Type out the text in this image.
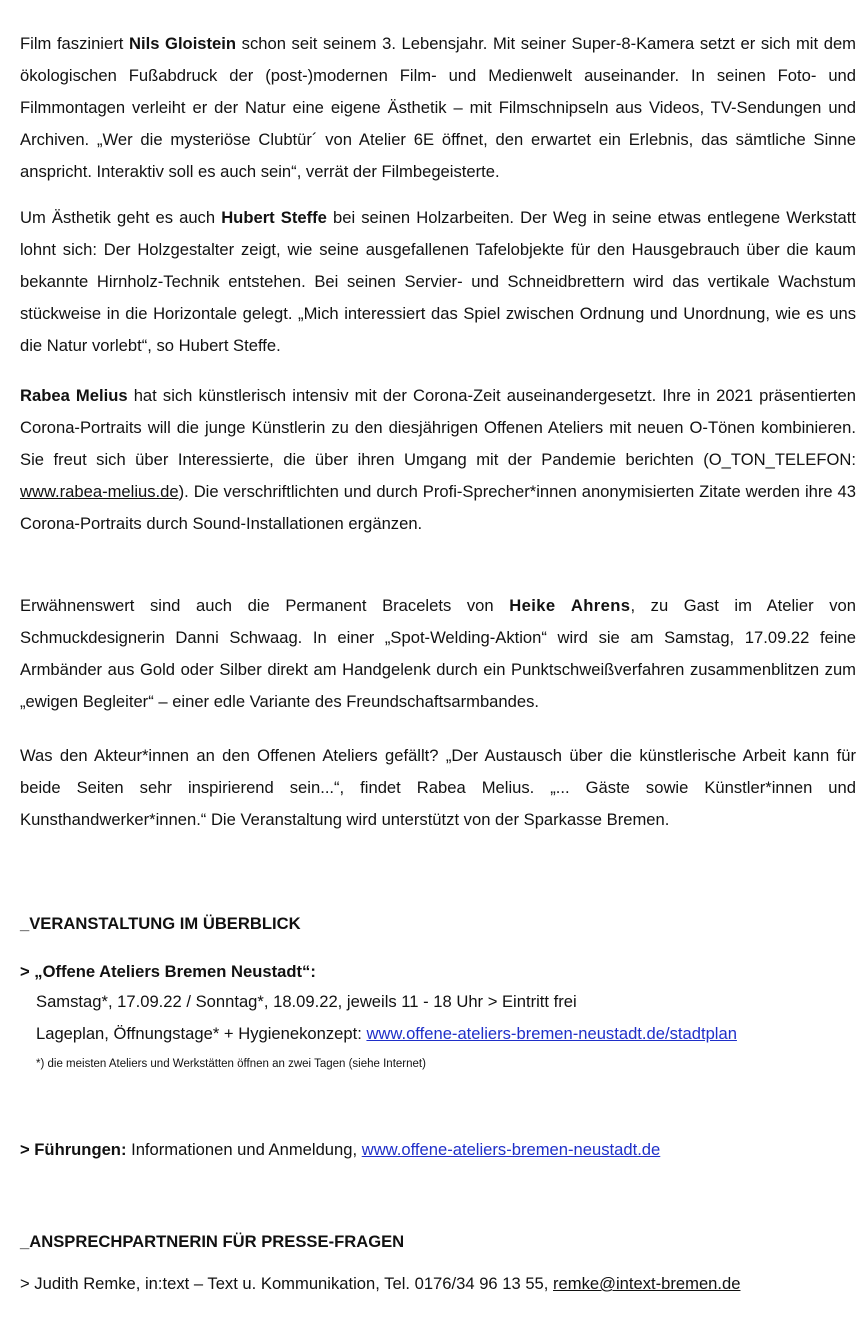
Film fasziniert Nils Gloistein schon seit seinem 3. Lebensjahr. Mit seiner Super-8-Kamera setzt er sich mit dem ökologischen Fußabdruck der (post-)modernen Film- und Medienwelt auseinander. In seinen Foto- und Filmmontagen verleiht er der Natur eine eigene Ästhetik – mit Filmschnipseln aus Videos, TV-Sendungen und Archiven. „Wer die mysteriöse Clubtür´ von Atelier 6E öffnet, den erwartet ein Erlebnis, das sämtliche Sinne anspricht. Interaktiv soll es auch sein“, verrät der Filmbegeisterte.

Um Ästhetik geht es auch Hubert Steffe bei seinen Holzarbeiten. Der Weg in seine etwas entlegene Werkstatt lohnt sich: Der Holzgestalter zeigt, wie seine ausgefallenen Tafelobjekte für den Hausgebrauch über die kaum bekannte Hirnholz-Technik entstehen. Bei seinen Servier- und Schneidbrettern wird das vertikale Wachstum stückweise in die Horizontale gelegt. „Mich interessiert das Spiel zwischen Ordnung und Unordnung, wie es uns die Natur vorlebt“, so Hubert Steffe.

Rabea Melius hat sich künstlerisch intensiv mit der Corona-Zeit auseinandergesetzt. Ihre in 2021 präsentierten Corona-Portraits will die junge Künstlerin zu den diesjährigen Offenen Ateliers mit neuen O-Tönen kombinieren. Sie freut sich über Interessierte, die über ihren Umgang mit der Pandemie berichten (O_TON_TELEFON: www.rabea-melius.de). Die verschriftlichten und durch Profi-Sprecher*innen anonymisierten Zitate werden ihre 43 Corona-Portraits durch Sound-Installationen ergänzen.

Erwähnenswert sind auch die Permanent Bracelets von Heike Ahrens, zu Gast im Atelier von Schmuckdesignerin Danni Schwaag. In einer „Spot-Welding-Aktion“ wird sie am Samstag, 17.09.22 feine Armbänder aus Gold oder Silber direkt am Handgelenk durch ein Punktschweißverfahren zusammenblitzen zum „ewigen Begleiter“ – einer edle Variante des Freundschaftsarmbandes.

Was den Akteur*innen an den Offenen Ateliers gefällt? „Der Austausch über die künstlerische Arbeit kann für beide Seiten sehr inspirierend sein...“, findet Rabea Melius. „... Gäste sowie Künstler*innen und Kunsthandwerker*innen.“ Die Veranstaltung wird unterstützt von der Sparkasse Bremen.

_VERANSTALTUNG IM ÜBERBLICK

> „Offene Ateliers Bremen Neustadt“:

Samstag*, 17.09.22 / Sonntag*, 18.09.22, jeweils 11 - 18 Uhr > Eintritt frei

Lageplan, Öffnungstage* + Hygienekonzept: www.offene-ateliers-bremen-neustadt.de/stadtplan

*) die meisten Ateliers und Werkstätten öffnen an zwei Tagen (siehe Internet)

> Führungen: Informationen und Anmeldung, www.offene-ateliers-bremen-neustadt.de

_ANSPRECHPARTNERIN FÜR PRESSE-FRAGEN

> Judith Remke, in:text – Text u. Kommunikation, Tel. 0176/34 96 13 55, remke@intext-bremen.de
